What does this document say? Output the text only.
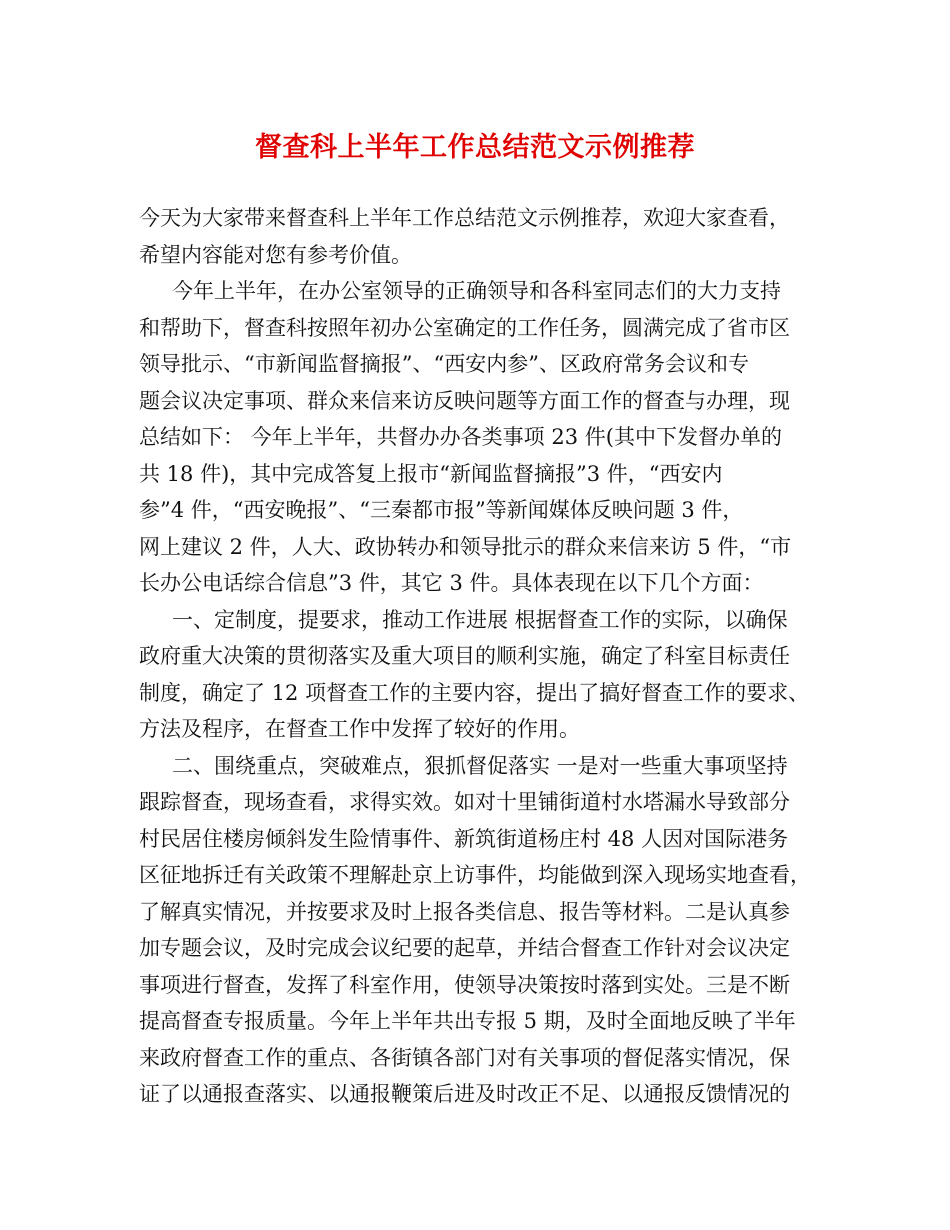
督查科上半年工作总结范文示例推荐
今天为大家带来督查科上半年工作总结范文示例推荐，欢迎大家查看，
希望内容能对您有参考价值。
今年上半年，在办公室领导的正确领导和各科室同志们的大力支持
和帮助下，督查科按照年初办公室确定的工作任务，圆满完成了省市区
领导批示、“市新闻监督摘报”、“西安内参”、区政府常务会议和专
题会议决定事项、群众来信来访反映问题等方面工作的督查与办理，现
总结如下： 今年上半年，共督办办各类事项 23 件(其中下发督办单的
共 18 件)，其中完成答复上报市“新闻监督摘报”3 件，“西安内
参”4 件，“西安晚报”、“三秦都市报”等新闻媒体反映问题 3 件，
网上建议 2 件，人大、政协转办和领导批示的群众来信来访 5 件，“市
长办公电话综合信息”3 件，其它 3 件。具体表现在以下几个方面：
一、定制度，提要求，推动工作进展 根据督查工作的实际，以确保
政府重大决策的贯彻落实及重大项目的顺利实施，确定了科室目标责任
制度，确定了 12 项督查工作的主要内容，提出了搞好督查工作的要求、
方法及程序，在督查工作中发挥了较好的作用。
二、围绕重点，突破难点，狠抓督促落实 一是对一些重大事项坚持
跟踪督查，现场查看，求得实效。如对十里铺街道村水塔漏水导致部分
村民居住楼房倾斜发生险情事件、新筑街道杨庄村 48 人因对国际港务
区征地拆迁有关政策不理解赴京上访事件，均能做到深入现场实地查看，
了解真实情况，并按要求及时上报各类信息、报告等材料。二是认真参
加专题会议，及时完成会议纪要的起草，并结合督查工作针对会议决定
事项进行督查，发挥了科室作用，使领导决策按时落到实处。三是不断
提高督查专报质量。今年上半年共出专报 5 期，及时全面地反映了半年
来政府督查工作的重点、各街镇各部门对有关事项的督促落实情况，保
证了以通报查落实、以通报鞭策后进及时改正不足、以通报反馈情况的
